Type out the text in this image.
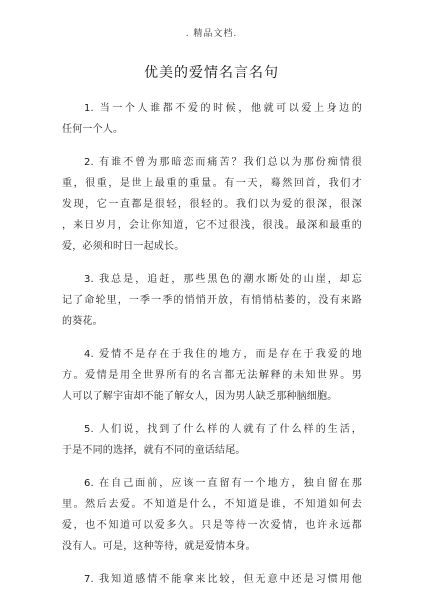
. 精品文档.
优美的爱情名言名句

1. 当一个人谁都不爱的时候，他就可以爱上身边的
任何一个人。

2. 有谁不曾为那暗恋而痛苦？我们总以为那份痴情很
重，很重，是世上最重的重量。有一天，蓦然回首，我们才
发现，它一直都是很轻，很轻的。我们以为爱的很深，很深
，来日岁月，会让你知道，它不过很浅，很浅。最深和最重的
爱，必须和时日一起成长。

3. 我总是，追赶，那些黑色的潮水断处的山崖，却忘
记了命轮里，一季一季的悄悄开放，有悄悄枯萎的，没有来路
的葵花。

4. 爱情不是存在于我住的地方，而是存在于我爱的地
方。爱情是用全世界所有的名言都无法解释的未知世界。男
人可以了解宇宙却不能了解女人，因为男人缺乏那种脑细胞。

5. 人们说，找到了什么样的人就有了什么样的生活，
于是不同的选择，就有不同的童话结尾。

6. 在自己面前，应该一直留有一个地方，独自留在那
里。然后去爱。不知道是什么，不知道是谁，不知道如何去
爱，也不知道可以爱多久。只是等待一次爱情，也许永远都
没有人。可是，这种等待，就是爱情本身。

7. 我知道感情不能拿来比较，但无意中还是习惯用他
